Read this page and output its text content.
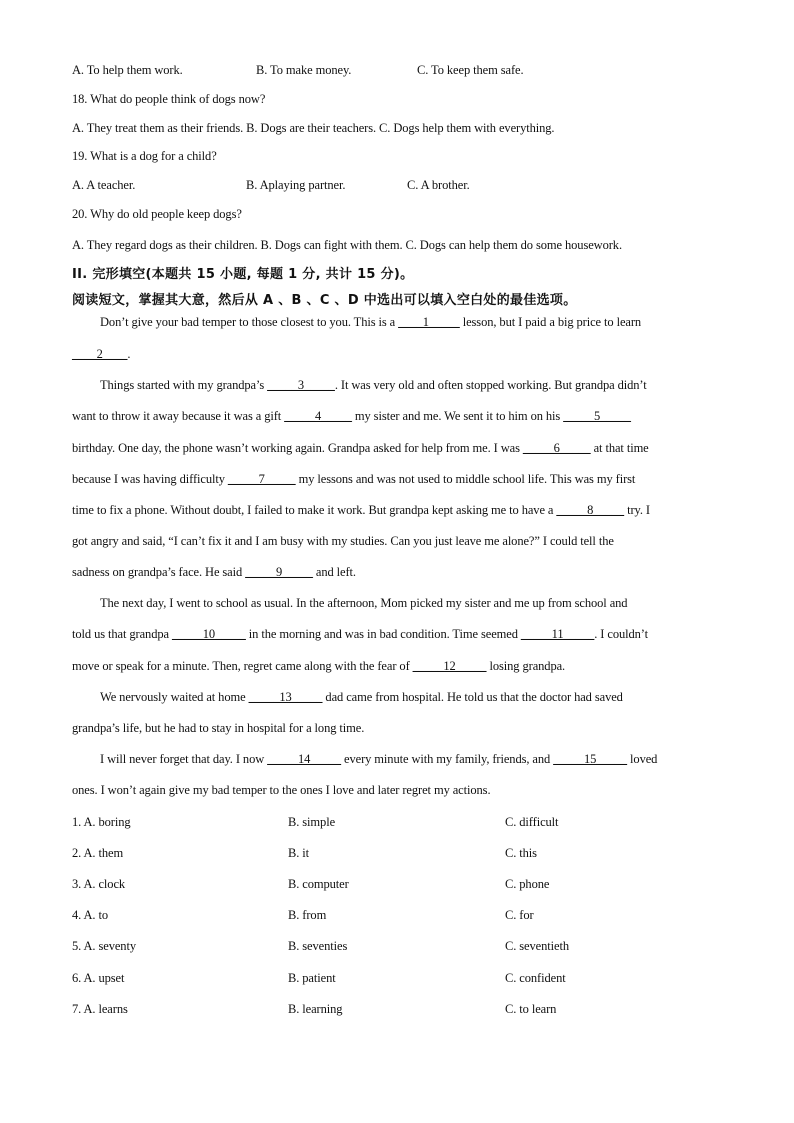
A. To help them work.	B. To make money.	C. To keep them safe.
18. What do people think of dogs now?
A. They treat them as their friends. B. Dogs are their teachers. C. Dogs help them with everything.
19. What is a dog for a child?
A. A teacher.	B. Aplaying partner.	C. A brother.
20. Why do old people keep dogs?
A. They regard dogs as their children. B. Dogs can fight with them. C. Dogs can help them do some housework.
II. 完形填空(本题共 15 小题, 每题 1 分, 共计 15 分)。
阅读短文，掌握其大意，然后从 A 、B 、C 、D 中选出可以填入空白处的最佳选项。
Don’t give your bad temper to those closest to you. This is a ____1_____ lesson, but I paid a big price to learn
____2____.
Things started with my grandpa’s _____3_____. It was very old and often stopped working. But grandpa didn’t
want to throw it away because it was a gift _____4_____ my sister and me. We sent it to him on his _____5_____
birthday. One day, the phone wasn’t working again. Grandpa asked for help from me. I was _____6_____ at that time
because I was having difficulty _____7_____ my lessons and was not used to middle school life. This was my first
time to fix a phone. Without doubt, I failed to make it work. But grandpa kept asking me to have a _____8_____ try. I
got angry and said, “I can’t fix it and I am busy with my studies. Can you just leave me alone?” I could tell the
sadness on grandpa’s face. He said _____9_____ and left.
The next day, I went to school as usual. In the afternoon, Mom picked my sister and me up from school and
told us that grandpa _____10_____ in the morning and was in bad condition. Time seemed _____11_____. I couldn’t
move or speak for a minute. Then, regret came along with the fear of _____12_____ losing grandpa.
We nervously waited at home _____13_____ dad came from hospital. He told us that the doctor had saved
grandpa’s life, but he had to stay in hospital for a long time.
I will never forget that day. I now _____14_____ every minute with my family, friends, and _____15_____ loved
ones. I won’t again give my bad temper to the ones I love and later regret my actions.
1. A. boring	B. simple	C. difficult
2. A. them	B. it	C. this
3. A. clock	B. computer	C. phone
4. A. to	B. from	C. for
5. A. seventy	B. seventies	C. seventieth
6. A. upset	B. patient	C. confident
7. A. learns	B. learning	C. to learn
